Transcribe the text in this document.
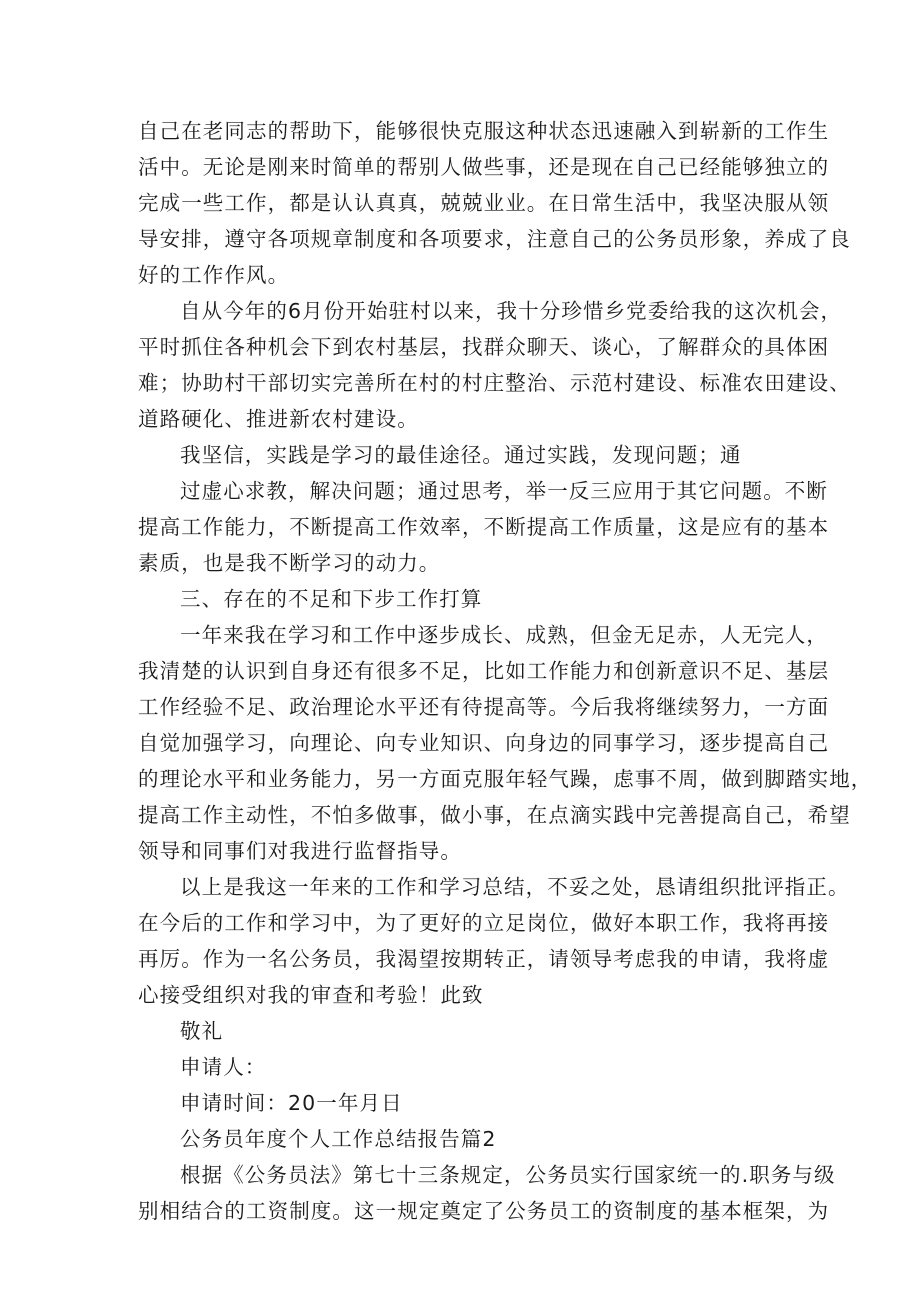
自己在老同志的帮助下，能够很快克服这种状态迅速融入到崭新的工作生
活中。无论是刚来时简单的帮别人做些事，还是现在自己已经能够独立的
完成一些工作，都是认认真真，兢兢业业。在日常生活中，我坚决服从领
导安排，遵守各项规章制度和各项要求，注意自己的公务员形象，养成了良
好的工作作风。
自从今年的6月份开始驻村以来，我十分珍惜乡党委给我的这次机会，
平时抓住各种机会下到农村基层，找群众聊天、谈心，了解群众的具体困
难；协助村干部切实完善所在村的村庄整治、示范村建设、标准农田建设、
道路硬化、推进新农村建设。
我坚信，实践是学习的最佳途径。通过实践，发现问题；通
过虚心求教，解决问题；通过思考，举一反三应用于其它问题。不断
提高工作能力，不断提高工作效率，不断提高工作质量，这是应有的基本
素质，也是我不断学习的动力。
三、存在的不足和下步工作打算
一年来我在学习和工作中逐步成长、成熟，但金无足赤，人无完人，
我清楚的认识到自身还有很多不足，比如工作能力和创新意识不足、基层
工作经验不足、政治理论水平还有待提高等。今后我将继续努力，一方面
自觉加强学习，向理论、向专业知识、向身边的同事学习，逐步提高自己
的理论水平和业务能力，另一方面克服年轻气躁，虑事不周，做到脚踏实地，
提高工作主动性，不怕多做事，做小事，在点滴实践中完善提高自己，希望
领导和同事们对我进行监督指导。
以上是我这一年来的工作和学习总结，不妥之处，恳请组织批评指正。
在今后的工作和学习中，为了更好的立足岗位，做好本职工作，我将再接
再厉。作为一名公务员，我渴望按期转正，请领导考虑我的申请，我将虚
心接受组织对我的审查和考验！此致
敬礼
申请人：
申请时间：20一年月日
公务员年度个人工作总结报告篇2
根据《公务员法》第七十三条规定，公务员实行国家统一的.职务与级
别相结合的工资制度。这一规定奠定了公务员工的资制度的基本框架，为
